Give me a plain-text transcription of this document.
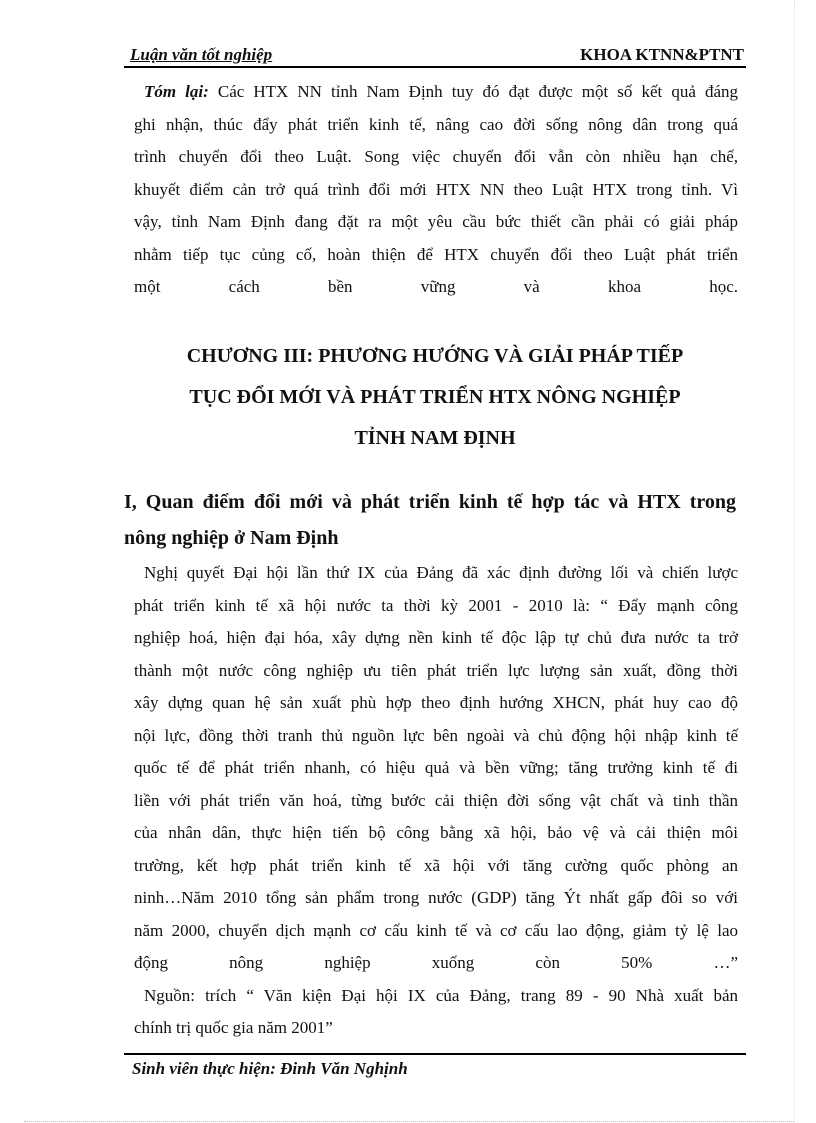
Luận văn tốt nghiệp	KHOA KTNN&PTNT
Tóm lại: Các HTX NN tỉnh Nam Định tuy đó đạt được một số kết quả đáng
ghi nhận, thúc đẩy phát triển kinh tế, nâng cao đời sống nông dân trong quá
trình chuyển đổi theo Luật. Song việc chuyển đổi vẫn còn nhiều hạn chế,
khuyết điểm cản trở quá trình đổi mới HTX NN theo Luật HTX trong tỉnh. Vì
vậy, tỉnh Nam Định đang đặt ra một yêu cầu bức thiết cần phải có giải pháp
nhằm tiếp tục củng cố, hoàn thiện để HTX chuyển đổi theo Luật phát triển
một cách bền vững và khoa học.
CHƯƠNG III: PHƯƠNG HƯỚNG VÀ GIẢI PHÁP TIẾP
TỤC ĐỔI MỚI VÀ PHÁT TRIỂN HTX NÔNG NGHIỆP
TỈNH NAM ĐỊNH
I, Quan điểm đổi mới và phát triển kinh tế hợp tác và HTX trong
nông nghiệp ở Nam Định
Nghị quyết Đại hội lần thứ IX của Đảng đã xác định đường lối và chiến lược
phát triển kinh tế xã hội nước ta thời kỳ 2001 - 2010 là: “ Đẩy mạnh công
nghiệp hoá, hiện đại hóa, xây dựng nền kinh tế độc lập tự chủ đưa nước ta trở
thành một nước công nghiệp ưu tiên phát triển lực lượng sản xuất, đồng thời
xây dựng quan hệ sản xuất phù hợp theo định hướng XHCN, phát huy cao độ
nội lực, đồng thời tranh thủ nguồn lực bên ngoài và chủ động hội nhập kinh tế
quốc tế để phát triển nhanh, có hiệu quả và bền vững; tăng trưởng kinh tế đi
liền với phát triển văn hoá, từng bước cải thiện đời sống vật chất và tinh thần
của nhân dân, thực hiện tiến bộ công bằng xã hội, bảo vệ và cải thiện môi
trường, kết hợp phát triển kinh tế xã hội với tăng cường quốc phòng an
ninh…Năm 2010 tổng sản phẩm trong nước (GDP) tăng Ýt nhất gấp đôi so với
năm 2000, chuyển dịch mạnh cơ cấu kinh tế và cơ cấu lao động, giảm tỷ lệ lao
động nông nghiệp xuống còn 50% …”
Nguồn: trích “ Văn kiện Đại hội IX của Đảng, trang 89 - 90 Nhà xuất bản
chính trị quốc gia năm 2001”
Sinh viên thực hiện: Đinh Văn Nghịnh
